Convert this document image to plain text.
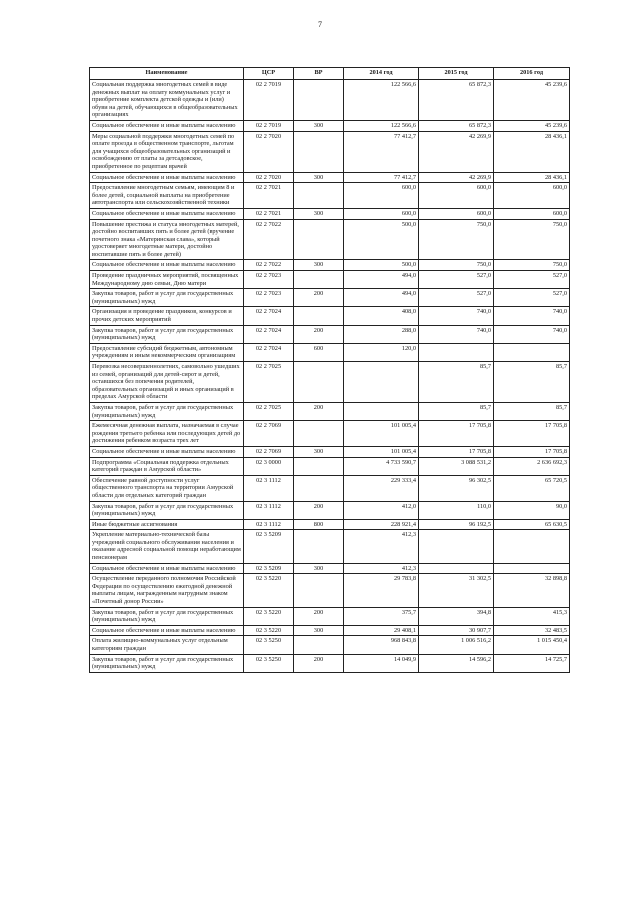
7
Наименование	ЦСР	ВР	2014 год	2015 год	2016 год
Социальная поддержка многодетных семей в виде денежных выплат на оплату коммунальных услуг и приобретение комплекта детской одежды и (или) обуви на детей, обучающихся в общеобразовательных организациях	02 2 7019		122 566,6	65 872,3	45 239,6
Социальное обеспечение и иные выплаты населению	02 2 7019	300	122 566,6	65 872,3	45 239,6
Меры социальной поддержки многодетных семей по оплате проезда в общественном транспорте, льготам для учащихся общеобразовательных организаций и освобождению от платы за детсадовское, приобретенное по рецептам врачей	02 2 7020		77 412,7	42 269,9	28 436,1
Социальное обеспечение и иные выплаты населению	02 2 7020	300	77 412,7	42 269,9	28 436,1
Предоставление многодетным семьям, имеющим 8 и более детей, социальной выплаты на приобретение автотранспорта или сельскохозяйственной техники	02 2 7021		600,0	600,0	600,0
Социальное обеспечение и иные выплаты населению	02 2 7021	300	600,0	600,0	600,0
Повышение престижа и статуса многодетных матерей, достойно воспитавших пять и более детей (вручение почетного знака «Материнская слава», который удостоверяет многодетные матери, достойно воспитавшие пять и более детей)	02 2 7022		500,0	750,0	750,0
Социальное обеспечение и иные выплаты населению	02 2 7022	300	500,0	750,0	750,0
Проведение праздничных мероприятий, посвященных Международному дню семьи, Дню матери	02 2 7023		494,0	527,0	527,0
Закупка товаров, работ и услуг для государственных (муниципальных) нужд	02 2 7023	200	494,0	527,0	527,0
Организация и проведение праздников, конкурсов и прочих детских мероприятий	02 2 7024		408,0	740,0	740,0
Закупка товаров, работ и услуг для государственных (муниципальных) нужд	02 2 7024	200	288,0	740,0	740,0
Предоставление субсидий бюджетным, автономным учреждениям и иным некоммерческим организациям	02 2 7024	600	120,0		
Перевозка несовершеннолетних, самовольно ушедших из семей, организаций для детей-сирот и детей, оставшихся без попечения родителей, образовательных организаций и иных организаций в пределах Амурской области	02 2 7025			85,7	85,7
Закупка товаров, работ и услуг для государственных (муниципальных) нужд	02 2 7025	200		85,7	85,7
Ежемесячная денежная выплата, назначаемая в случае рождения третьего ребенка или последующих детей до достижения ребенком возраста трех лет	02 2 7069		101 005,4	17 705,8	17 705,8
Социальное обеспечение и иные выплаты населению	02 2 7069	300	101 005,4	17 705,8	17 705,8
Подпрограмма «Социальная поддержка отдельных категорий граждан в Амурской области»	02 3 0000		4 733 590,7	3 088 531,2	2 636 692,3
Обеспечение равной доступности услуг общественного транспорта на территории Амурской области для отдельных категорий граждан	02 3 1112		229 333,4	96 302,5	65 720,5
Закупка товаров, работ и услуг для государственных (муниципальных) нужд	02 3 1112	200	412,0	110,0	90,0
Иные бюджетные ассигнования	02 3 1112	800	228 921,4	96 192,5	65 630,5
Укрепление материально-технической базы учреждений социального обслуживания населения и оказание адресной социальной помощи неработающим пенсионерам	02 3 5209		412,3		
Социальное обеспечение и иные выплаты населению	02 3 5209	300	412,3		
Осуществление переданного полномочия Российской Федерации по осуществлению ежегодной денежной выплаты лицам, награжденным нагрудным знаком «Почетный донор России»	02 3 5220		29 783,8	31 302,5	32 898,8
Закупка товаров, работ и услуг для государственных (муниципальных) нужд	02 3 5220	200	375,7	394,8	415,3
Социальное обеспечение и иные выплаты населению	02 3 5220	300	29 408,1	30 907,7	32 483,5
Оплата жилищно-коммунальных услуг отдельным категориям граждан	02 3 5250		968 843,8	1 006 516,2	1 015 450,4
Закупка товаров, работ и услуг для государственных (муниципальных) нужд	02 3 5250	200	14 049,9	14 596,2	14 725,7
